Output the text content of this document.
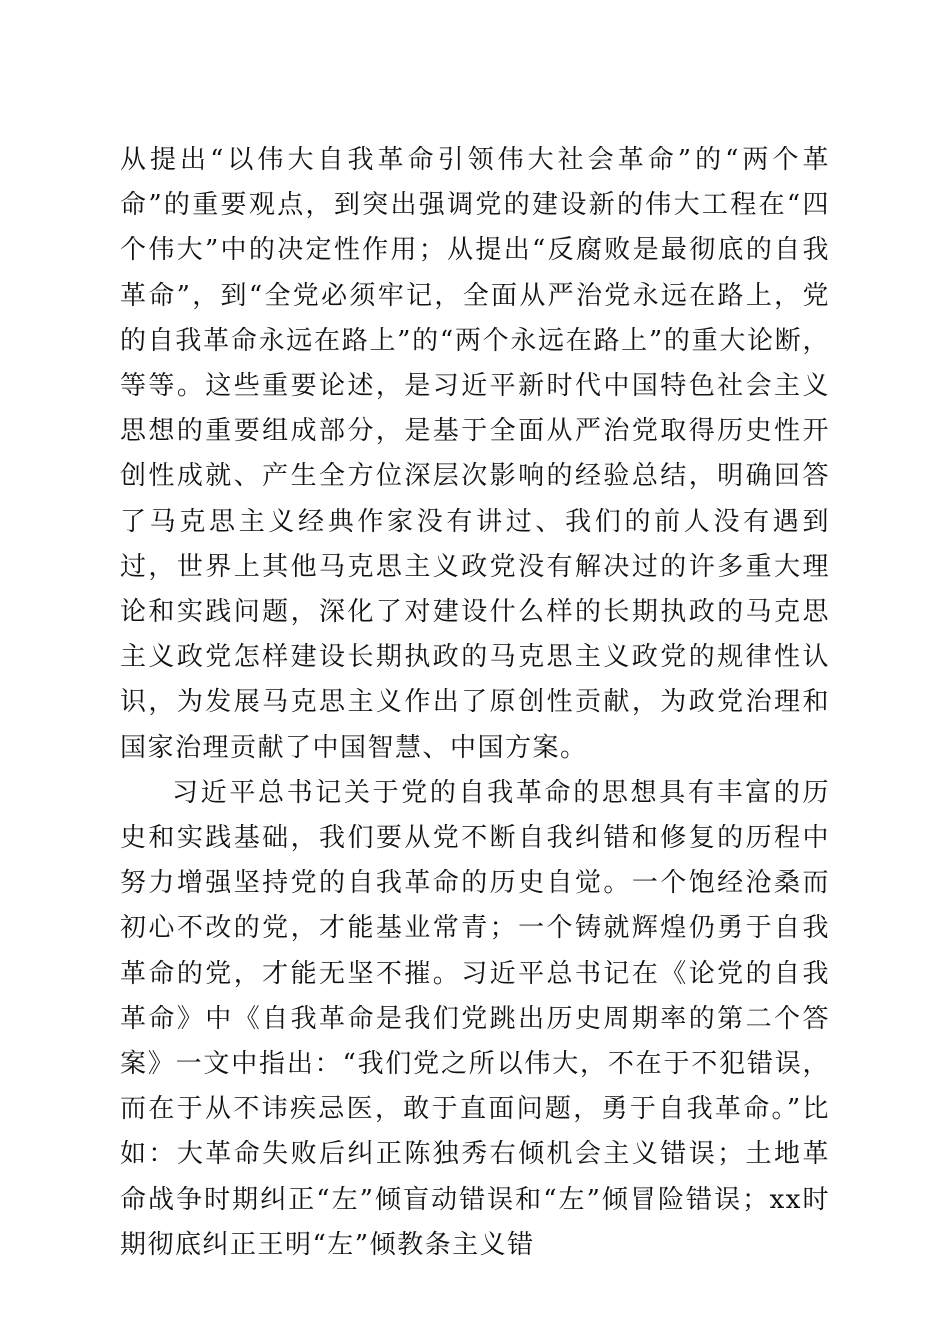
从提出“以伟大自我革命引领伟大社会革命”的“两个革命”的重要观点，到突出强调党的建设新的伟大工程在“四个伟大”中的决定性作用；从提出“反腐败是最彻底的自我革命”，到“全党必须牢记，全面从严治党永远在路上，党的自我革命永远在路上”的“两个永远在路上”的重大论断，等等。这些重要论述，是习近平新时代中国特色社会主义思想的重要组成部分，是基于全面从严治党取得历史性开创性成就、产生全方位深层次影响的经验总结，明确回答了马克思主义经典作家没有讲过、我们的前人没有遇到过，世界上其他马克思主义政党没有解决过的许多重大理论和实践问题，深化了对建设什么样的长期执政的马克思主义政党怎样建设长期执政的马克思主义政党的规律性认识，为发展马克思主义作出了原创性贡献，为政党治理和国家治理贡献了中国智慧、中国方案。

习近平总书记关于党的自我革命的思想具有丰富的历史和实践基础，我们要从党不断自我纠错和修复的历程中努力增强坚持党的自我革命的历史自觉。一个饱经沧桑而初心不改的党，才能基业常青；一个铸就辉煌仍勇于自我革命的党，才能无坚不摧。习近平总书记在《论党的自我革命》中《自我革命是我们党跳出历史周期率的第二个答案》一文中指出：“我们党之所以伟大，不在于不犯错误，而在于从不讳疾忌医，敢于直面问题，勇于自我革命。”比如：大革命失败后纠正陈独秀右倾机会主义错误；土地革命战争时期纠正“左”倾盲动错误和“左”倾冒险错误；xx时期彻底纠正王明“左”倾教条主义错
